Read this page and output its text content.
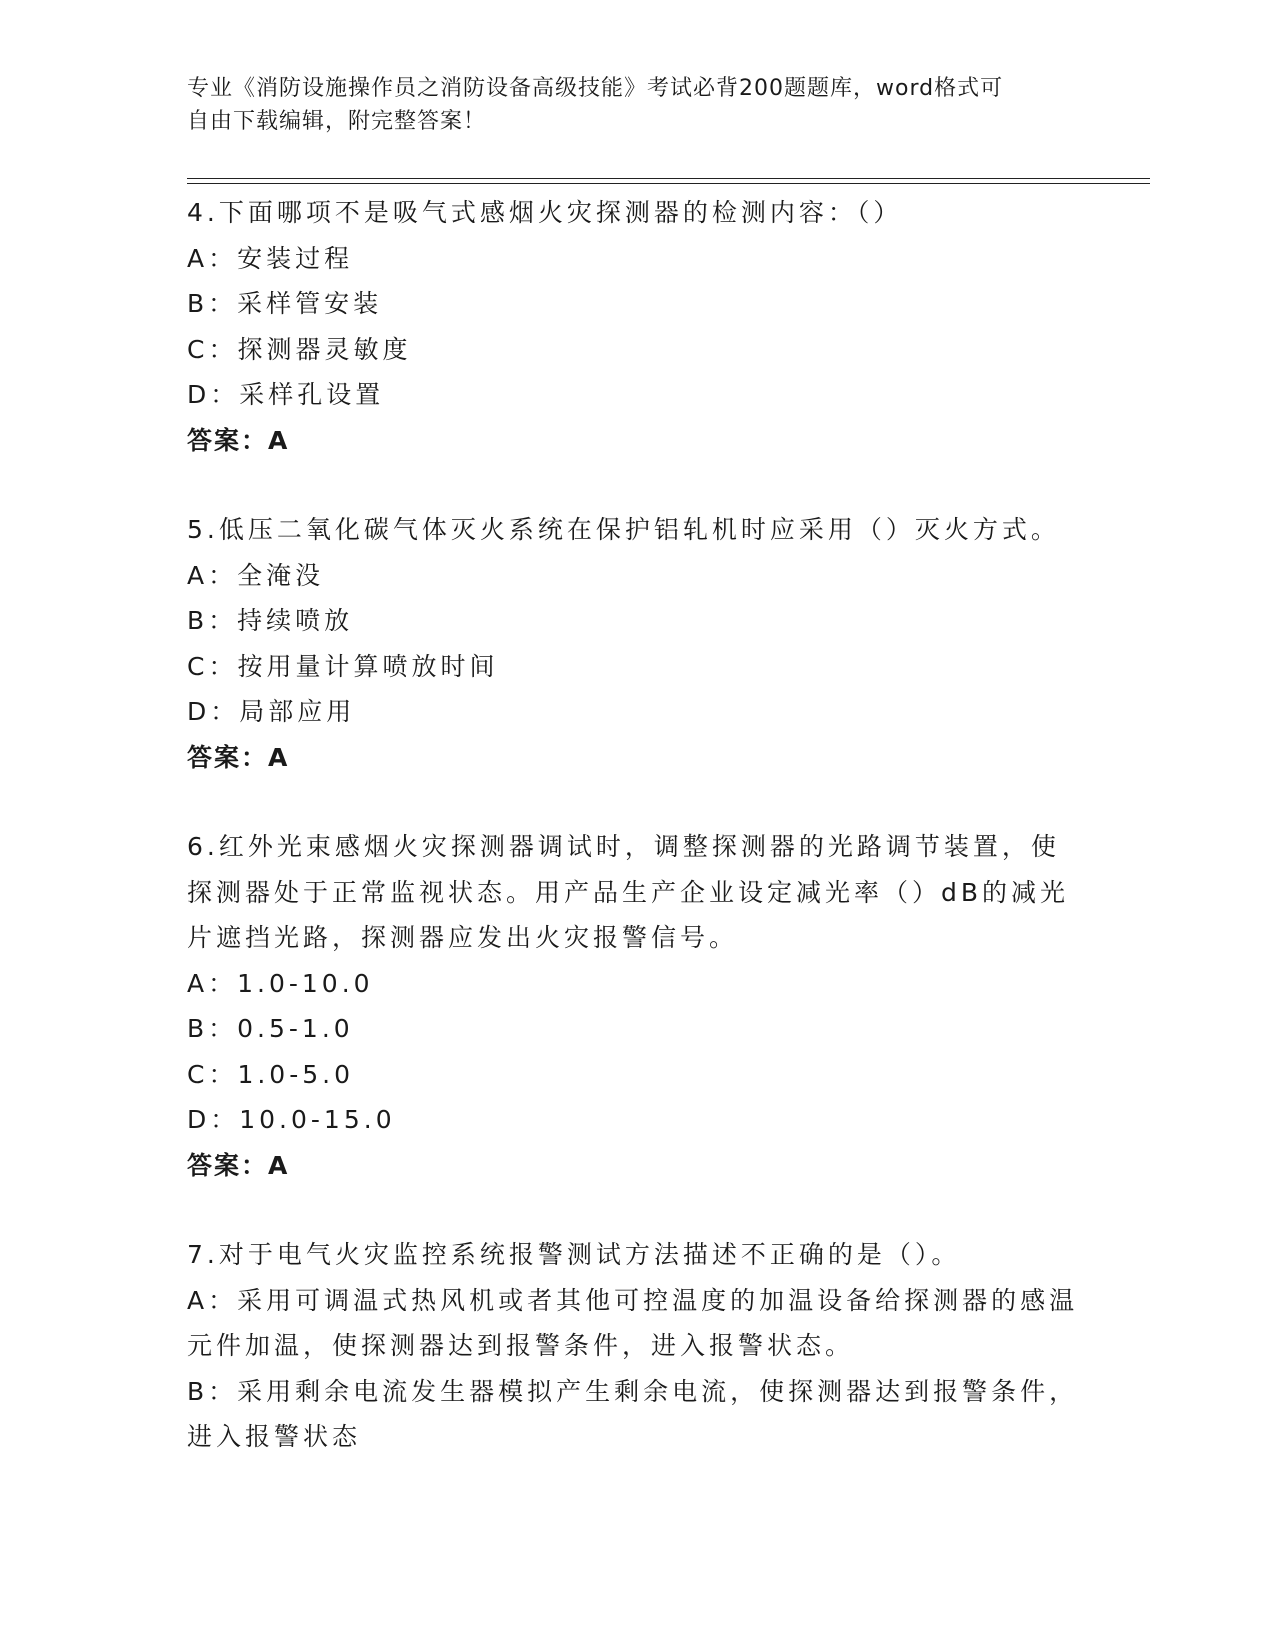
专业《消防设施操作员之消防设备高级技能》考试必背200题题库，word格式可
自由下载编辑，附完整答案！
4.下面哪项不是吸气式感烟火灾探测器的检测内容：（）
A：安装过程
B：采样管安装
C：探测器灵敏度
D：采样孔设置
答案：A
5.低压二氧化碳气体灭火系统在保护铝轧机时应采用（）灭火方式。
A：全淹没
B：持续喷放
C：按用量计算喷放时间
D：局部应用
答案：A
6.红外光束感烟火灾探测器调试时，调整探测器的光路调节装置，使
探测器处于正常监视状态。用产品生产企业设定减光率（）dB的减光
片遮挡光路，探测器应发出火灾报警信号。
A：1.0-10.0
B：0.5-1.0
C：1.0-5.0
D：10.0-15.0
答案：A
7.对于电气火灾监控系统报警测试方法描述不正确的是（）。
A：采用可调温式热风机或者其他可控温度的加温设备给探测器的感温
元件加温，使探测器达到报警条件，进入报警状态。
B：采用剩余电流发生器模拟产生剩余电流，使探测器达到报警条件，
进入报警状态
